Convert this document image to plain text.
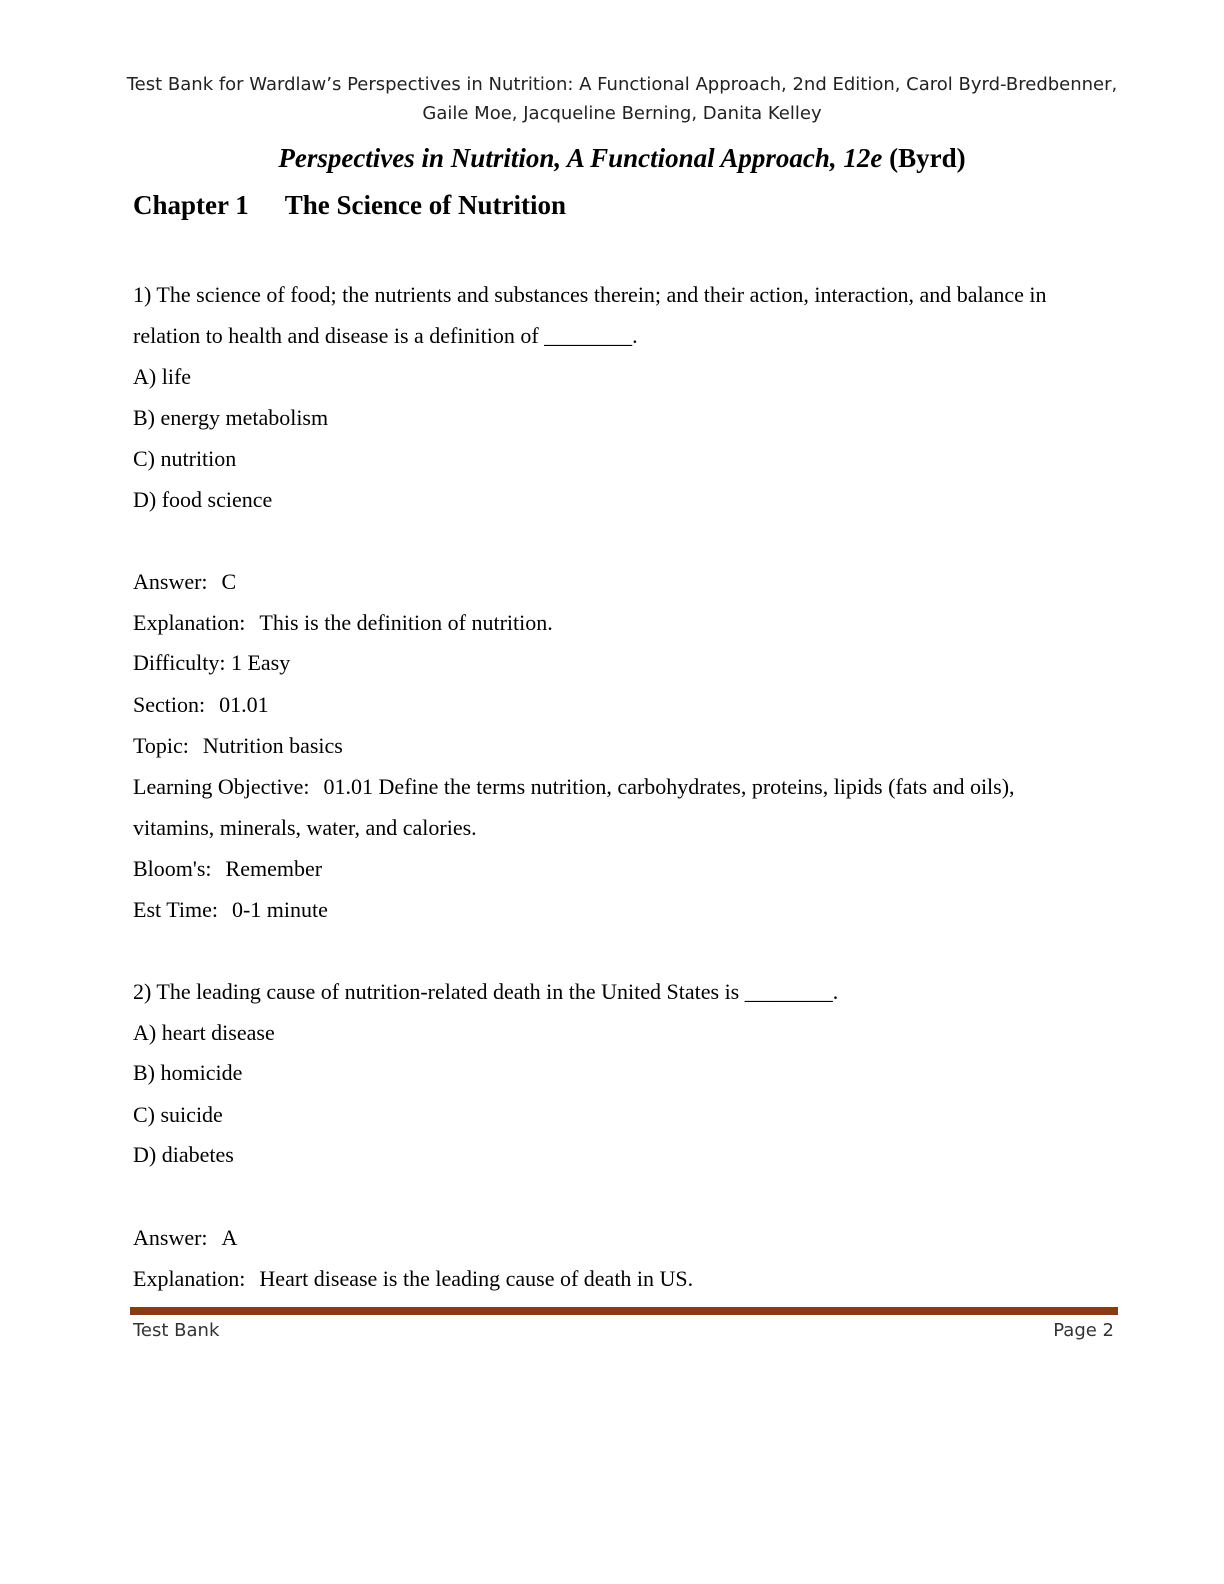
Test Bank for Wardlaw’s Perspectives in Nutrition: A Functional Approach, 2nd Edition, Carol Byrd-Bredbenner,
Gaile Moe, Jacqueline Berning, Danita Kelley
Perspectives in Nutrition, A Functional Approach, 12e (Byrd)
Chapter 1 The Science of Nutrition
1) The science of food; the nutrients and substances therein; and their action, interaction, and balance in
relation to health and disease is a definition of ________.
A) life
B) energy metabolism
C) nutrition
D) food science
Answer: C
Explanation: This is the definition of nutrition.
Difficulty: 1 Easy
Section: 01.01
Topic: Nutrition basics
Learning Objective: 01.01 Define the terms nutrition, carbohydrates, proteins, lipids (fats and oils),
vitamins, minerals, water, and calories.
Bloom's: Remember
Est Time: 0-1 minute
2) The leading cause of nutrition-related death in the United States is ________.
A) heart disease
B) homicide
C) suicide
D) diabetes
Answer: A
Explanation: Heart disease is the leading cause of death in US.
Test Bank	Page 2
